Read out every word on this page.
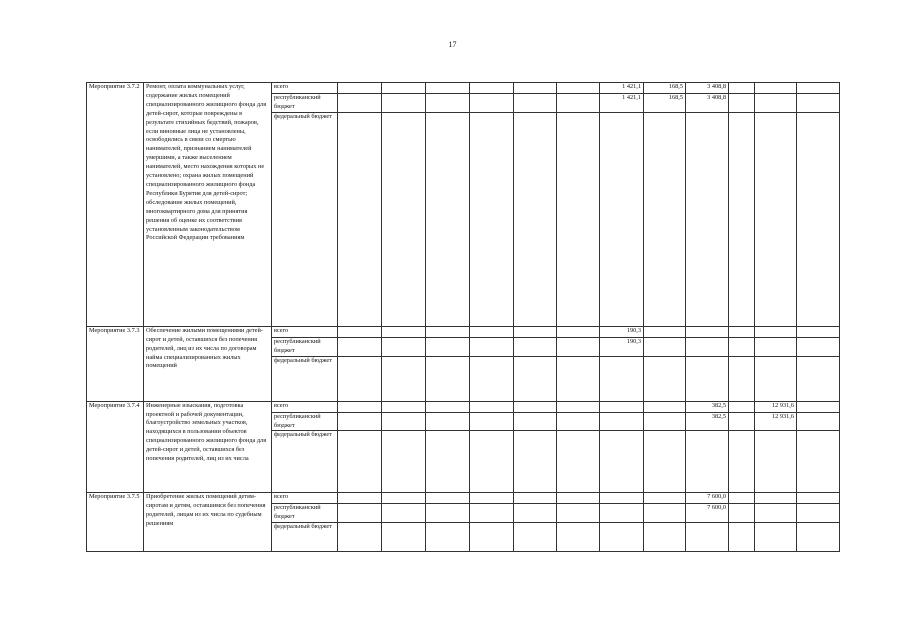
17
Мероприятие 3.7.2	Ремонт, оплата коммунальных услуг, содержание жилых помещений специализированного жилищного фонда для детей-сирот, которые повреждены в результате стихийных бедствий, пожаров, если виновные лица не установлены, освободились в связи со смертью нанимателей, признанием нанимателей умершими, а также выселением нанимателей, место нахождения которых не установлено; охрана жилых помещений специализированного жилищного фонда Республики Бурятия для детей-сирот; обследование жилых помещений, многоквартирного дома для принятия решения об оценке их соответствия установленным законодательством Российской Федерации требованиям	всего							1 421,1	168,5	3 408,8			
		республиканский бюджет							1 421,1	168,5	3 408,8			
		федеральный бюджет												
Мероприятие 3.7.3	Обеспечение жилыми помещениями детей-сирот и детей, оставшихся без попечения родителей, лиц из их числа по договорам найма специализированных жилых помещений	всего							190,3					
		республиканский бюджет							190,3					
		федеральный бюджет												
Мероприятие 3.7.4	Инженерные изыскания, подготовка проектной и рабочей документации, благоустройство земельных участков, находящихся в пользовании объектов специализированного жилищного фонда для детей-сирот и детей, оставшихся без попечения родителей, лиц из их числа	всего									382,5		12 931,6	
		республиканский бюджет									382,5		12 931,6	
		федеральный бюджет												
Мероприятие 3.7.5	Приобретение жилых помещений детям-сиротам и детям, оставшимся без попечения родителей, лицам из их числа по судебным решениям	всего									7 600,0			
		республиканский бюджет									7 600,0			
		федеральный бюджет												
